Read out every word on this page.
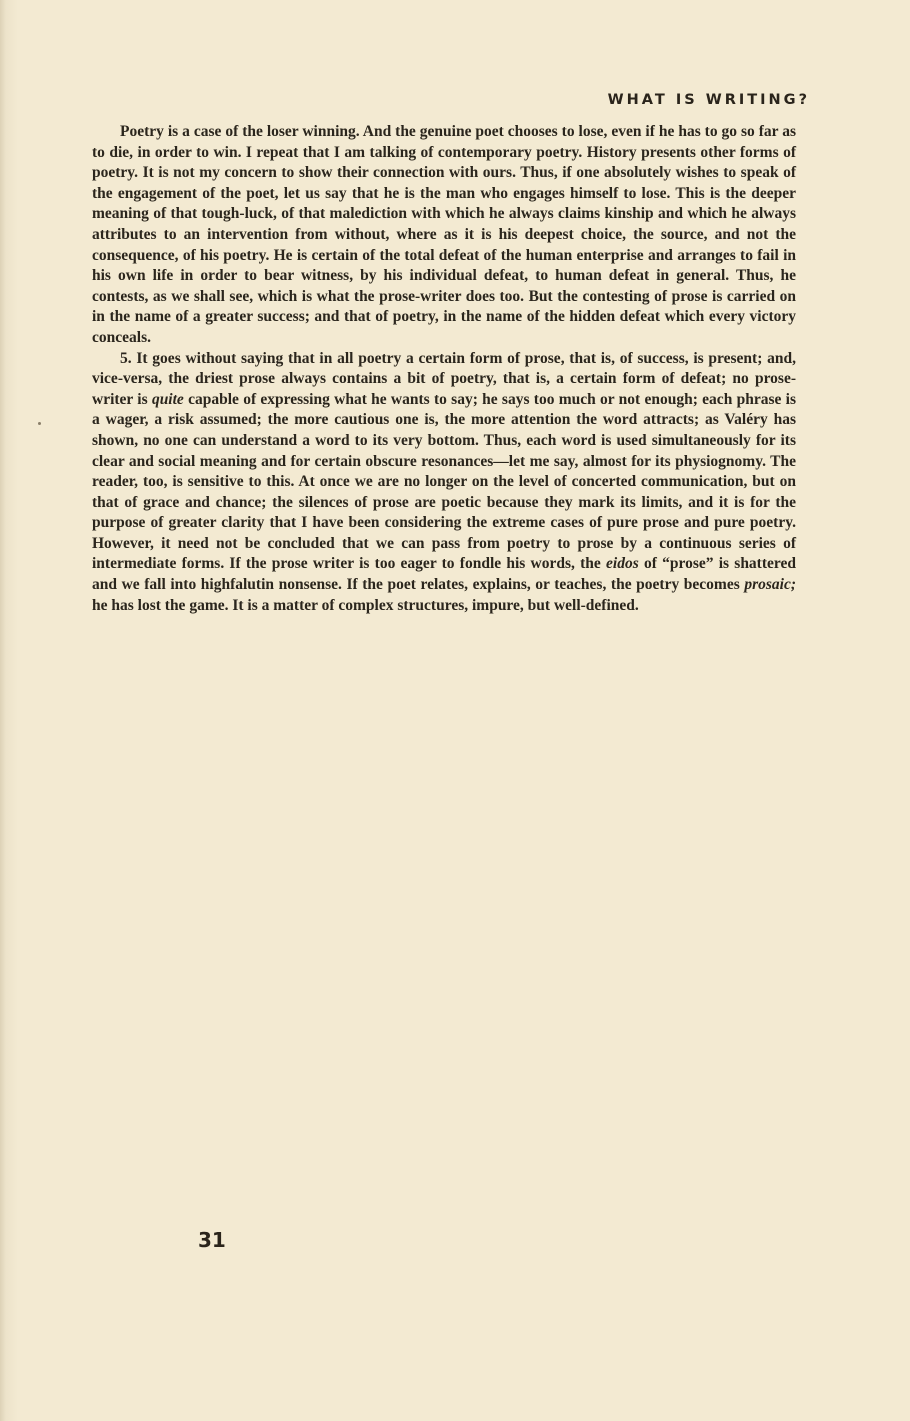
WHAT IS WRITING?

Poetry is a case of the loser winning. And the genuine poet chooses to lose, even if he has to go so far as to die, in order to win. I repeat that I am talking of contemporary poetry. History presents other forms of poetry. It is not my concern to show their connection with ours. Thus, if one absolutely wishes to speak of the engagement of the poet, let us say that he is the man who engages himself to lose. This is the deeper meaning of that tough-luck, of that malediction with which he always claims kinship and which he always attributes to an intervention from without, where as it is his deepest choice, the source, and not the consequence, of his poetry. He is certain of the total defeat of the human enterprise and arranges to fail in his own life in order to bear witness, by his individual defeat, to human defeat in general. Thus, he contests, as we shall see, which is what the prose-writer does too. But the contesting of prose is carried on in the name of a greater success; and that of poetry, in the name of the hidden defeat which every victory conceals.

5. It goes without saying that in all poetry a certain form of prose, that is, of success, is present; and, vice-versa, the driest prose always contains a bit of poetry, that is, a certain form of defeat; no prose-writer is quite capable of expressing what he wants to say; he says too much or not enough; each phrase is a wager, a risk assumed; the more cautious one is, the more attention the word attracts; as Valéry has shown, no one can understand a word to its very bottom. Thus, each word is used simultaneously for its clear and social meaning and for certain obscure resonances—let me say, almost for its physiognomy. The reader, too, is sensitive to this. At once we are no longer on the level of concerted communication, but on that of grace and chance; the silences of prose are poetic because they mark its limits, and it is for the purpose of greater clarity that I have been considering the extreme cases of pure prose and pure poetry. However, it need not be concluded that we can pass from poetry to prose by a continuous series of intermediate forms. If the prose writer is too eager to fondle his words, the eidos of “prose” is shattered and we fall into highfalutin nonsense. If the poet relates, explains, or teaches, the poetry becomes prosaic; he has lost the game. It is a matter of complex structures, impure, but well-defined.

31
